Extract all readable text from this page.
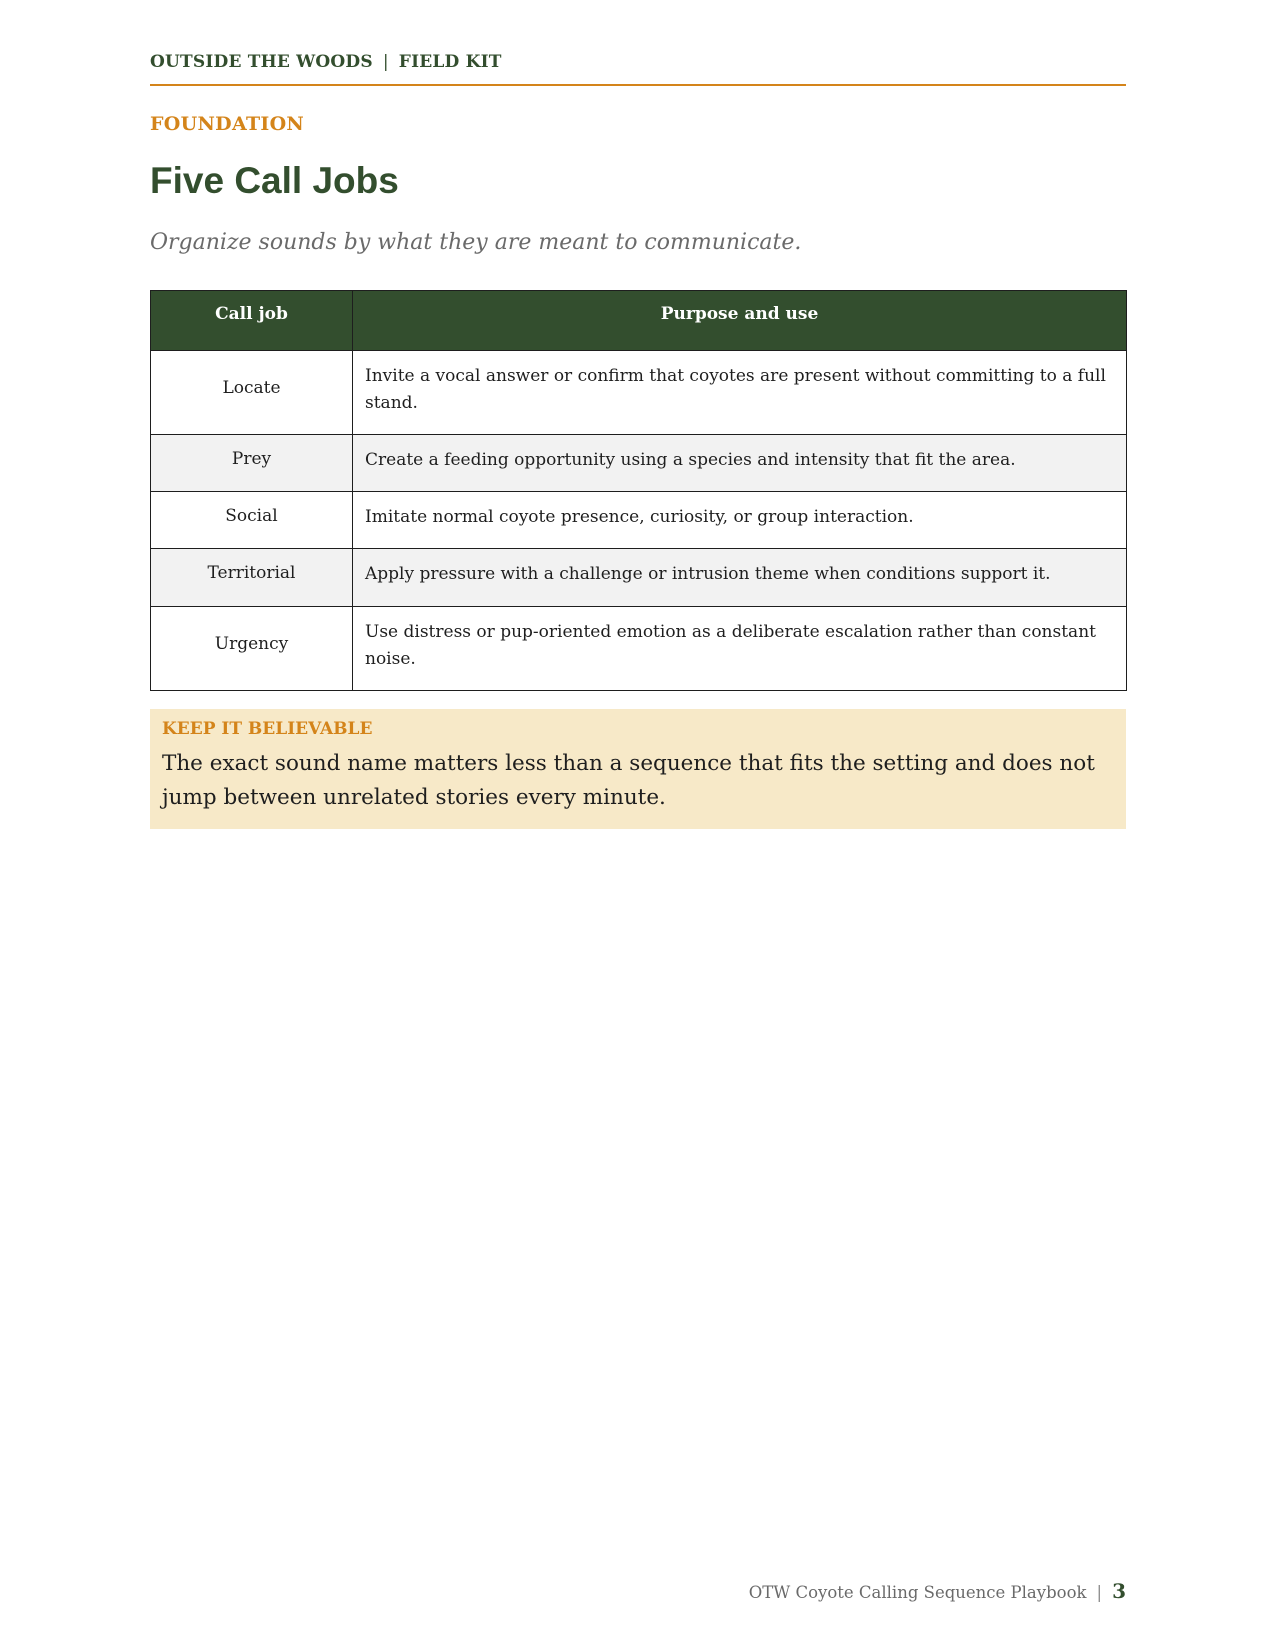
OUTSIDE THE WOODS | FIELD KIT
FOUNDATION
Five Call Jobs

Organize sounds by what they are meant to communicate.

Call job	Purpose and use
Locate	Invite a vocal answer or confirm that coyotes are present without committing to a full stand.
Prey	Create a feeding opportunity using a species and intensity that fit the area.
Social	Imitate normal coyote presence, curiosity, or group interaction.
Territorial	Apply pressure with a challenge or intrusion theme when conditions support it.
Urgency	Use distress or pup-oriented emotion as a deliberate escalation rather than constant noise.

KEEP IT BELIEVABLE

The exact sound name matters less than a sequence that fits the setting and does not jump between unrelated stories every minute.

OTW Coyote Calling Sequence Playbook | 3
